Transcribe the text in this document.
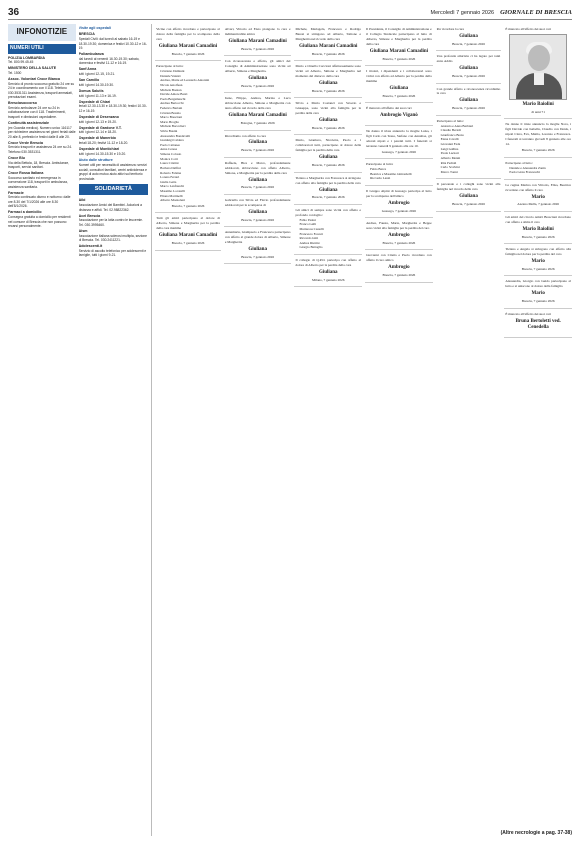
36	Mercoledì 7 gennaio 2026 GIORNALE DI BRESCIA
INFONOTIZIE
NUMERI UTILI
POLIZIA LOMBARDIA

Tel. 800.99.45.45

MINISTERO DELLA SALUTE

Tel. 1500

Assoc. Volontari Croce Bianca

Servizio di pronto soccorso gratuito 24 ore su 24 in coordinamento con il 118. Telefono 030.3531311 Assistenza, trasporti ammalati, prenotazioni esami.

Bresciasoccorso

Servizio ambulanze 24 ore su 24 in collaborazione con il 118. Trasferimenti, trasporti e dimissioni ospedaliere.

Continuità assistenziale

(ex Guardia medica). Numero unico 116117 per richiedere assistenza nei giorni feriali dalle 20 alle 8, prefestivi e festivi dalle 8 alle 20.

Croce Verde Brescia

Servizio trasporti e assistenza 24 ore su 24. Telefono 030.3531311.

Croce Blu

Via della Bettola, 18, Brescia. Ambulanze, trasporti, servizi sanitari.

Croce Rossa Italiana

Soccorso sanitario ed emergenza in convenzione 118, trasporti in ambulanza, assistenza sanitaria.

Farmacie

Servizio continuato diurno e notturno: dalle ore 8.30 del 7/1/2026 alle ore 8.30 dell'8/1/2026.

Farmaci a domicilio

Consegna gratuita a domicilio per residenti nel comune di Brescia che non possono recarsi personalmente.

Visite agli ospedali
BRESCIA

Spedali Civili: dal lunedì al sabato 16-19 e 18.30-19.30; domenica e festivi 10.30-12 e 16-19.

Poliambulanza

dal lunedì al venerdì 16.30-19.30; sabato, domenica e festivi 11-12 e 16-19.

Sant'Anna

tutti i giorni 12-15, 19-21.

San Camillo

tutti i giorni 14.30-19.30.

Domus Salutis

tutti i giorni 11-13 e 16-19.

Ospedale di Chiari

feriali 12.30-13.30 e 18.30-19.30; festivi 10.30-12 e 16-19.

Ospedale di Desenzano

tutti i giorni 12-13 e 19-20.

Ospedale di Gardone V.T.

tutti i giorni 12-14 e 18-20.

Ospedale di Manerbio

feriali 18-20; festivi 11-12 e 18-20.

Ospedale di Montichiari

tutti i giorni 14.30-15.30 e 19-20.

Aiuto dalle strutture

Numeri utili per necessità di assistenza: servizi sociali, consultori familiari, centri antiviolenza e gruppi di auto mutuo aiuto attivi sul territorio provinciale.

SOLIDARIETÀ
Aibi

Associazione Amici dei Bambini. Adozioni a distanza e affidi. Tel. 02.98822362.

Acel Brescia

Associazione per la lotta contro le leucemie. Tel. 030.3995460.

Aism

Associazione italiana sclerosi multipla, sezione di Brescia. Tel. 030.2411221.

Adolescenti.it

Servizio di ascolto telefonico per adolescenti e famiglie, tutti i giorni 9-21.

Vicine con affetto ricordano e partecipano al dolore della famiglia per la scomparsa della cara
Giuliana Marani Camadini
Brescia, 7 gennaio 2026
Partecipano al lutto:
Cristiano Damiani
Daniele Valenti
Andrea, Marie ed Leonardo Antonini
Nicola Astolfean
Michela Bazzan
Davide Amore Barzi
Paola Bergamaschi
Andrea Bertocchi
Federico Bertani
Cristian Bonzio
Marco Bresciani
Mario Broglio
Michele Buccolieri
Silvia Busini
Alessandra Bondavalli
Gianluigi Caldera
Paolo Cattaneo
Anna Ceresa
Simone Colosio
Monica Corti
Laura Cristini
Barbara Dalfini
Roberto Falsina
Lorena Ferrari
Giulia Gatta
Marco Lanfranchi
Massimo Locatelli
Eliana Martinelli
Alberto Mazzoleni
Brescia, 7 gennaio 2026
Tutti gli amici partecipano al dolore di Alberto, Simone e Margherita per la perdita della cara mamma
Giuliana Marani Camadini
Brescia, 7 gennaio 2026
Alvari, Vittorio ed Enzo piangono la cara e indimenticabile amica
Giuliana Marani Camadini
Brescia, 7 gennaio 2026
Con riconoscenza e affetto, gli amici del Consiglio di Amministrazione sono vicini ad Alberto, Simone e Margherita.
Giuliana
Brescia, 7 gennaio 2026
Irene, Filippo, Andrea, Marina e Luca abbracciano Alberto, Simone e Margherita con tanto affetto nel ricordo della cara
Giuliana Marani Camadini
Bologna, 7 gennaio 2026
Ricordiamo con affetto la cara
Giuliana
Brescia, 7 gennaio 2026
Raffaele, Bice e Marco, profondamente addolorati, abbracciano con affetto Alberto, Simone, e Margherita per la perdita della cara
Giuliana
Brescia, 7 gennaio 2026
Gabriella con Silvia ed Flavio profondamente addolorati per la scomparsa di
Giuliana
Brescia, 7 gennaio 2026
Annamaria, Giampaolo e Francesca partecipano con affetto al grande dolore di Alberto, Simone e Margherita
Giuliana
Brescia, 7 gennaio 2026
Michele, Mariagela, Francesco e Rodrigo Baresi si stringono ad Alberto, Simone e Margherita nel ricordo della cara
Giuliana Marani Camadini
Brescia, 7 gennaio 2026
Mario e Ornella Cuccioni affettuosamente sono vicini ad Alberto, Simone e Margherita nel momento del distacco dalla cara
Giuliana
Brescia, 7 gennaio 2026
Silvio e Maria Costanzi con Saverio e Giuseppe, sono vicini alla famiglia per la perdita della cara
Giuliana
Brescia, 7 gennaio 2026
Mario, Gianluca, Nicoletta, Paolo e i collaboratori tutti, partecipano al dolore della famiglia per la perdita della cara
Giuliana
Brescia, 7 gennaio 2026
Tiziano e Margherita con Francesca si stringono con affetto alla famiglia per la perdita della cara
Giuliana
Brescia, 7 gennaio 2026
Gli amici di sempre sono vicini con affetto e profondo cordoglio:
Fabio Pasini
Franco Galli
Mariarosa Castelli
Francesco Foresti
Riccardo Gitti
Andrea Rizzini
Giorgio Battaglio
Il collegio di Q.P.O. partecipa con affetto al dolore di Alberto per la perdita della cara
Giuliana
Milano, 7 gennaio 2026
Il Presidente, il Consiglio di Amministrazione e il Collegio Sindacale partecipano al lutto di Alberto, Simone e Margherita per la perdita della cara
Giuliana Marani Camadini
Brescia, 7 gennaio 2026
I titolari, i dipendenti e i collaboratori sono vicini con affetto ad Alberto per la perdita della mamma
Giuliana
Brescia, 7 gennaio 2026
È mancato all'affetto dei suoi cari
Ambrogio Viganò
Ne danno il triste annuncio la moglie Luisa, i figli Carlo con Tessa, Stefano con Annalisa, gli adorati nipoti e i parenti tutti. I funerali si terranno venerdì 9 gennaio alle ore 10.
Gussago, 7 gennaio 2026
Partecipano al lutto:
Fabio Barca
Beatrice e Massimo Ghirardelli
Riccardo Lanzi
Il Gruppo Alpini di Gussago partecipa al lutto per la scomparsa dell'amico
Ambrogio
Gussago, 7 gennaio 2026
Andrea, Fausta, Marta, Margherita e Beppe sono vicini alla famiglia per la perdita del caro
Ambrogio
Brescia, 7 gennaio 2026
Giovanni con Cinzia e Paolo ricordano con affetto il caro amico
Ambrogio
Brescia, 7 gennaio 2026
Per ricordare la cara
Giuliana
Brescia, 7 gennaio 2026
Una profonda amicizia ci ha legato per tanti anni. Addio
Giuliana
Brescia, 7 gennaio 2026
Con grande affetto e riconoscenza ricordiamo la cara
Giuliana
Brescia, 7 gennaio 2026
Partecipano al lutto:
Antonio e Anna Barbieri
Claudio Bertoli
Gianfranco Bosio
Elena Cavalli
Giovanni Fada
Luigi Gallina
Paola Lazzari
Alberto Menni
Rita Pedrali
Carlo Scalvini
Marco Tonni
Il personale e i colleghi sono vicini alla famiglia nel ricordo della cara
Giuliana
Brescia, 7 gennaio 2026
È mancato all'affetto dei suoi cari
Mario Baiolini
di anni 71
Ne danno il triste annuncio la moglie Nora, i figli Davide con Isabella, Claudio con Denis, i nipoti Clara, Eva, Mattia, Lorenzo e Francesca. I funerali si terranno giovedì 8 gennaio alle ore 14.
Brescia, 7 gennaio 2026
Partecipano al lutto:
Daniele e Alessandra Zanin
Paola Gioia Franceschi
La cugina Marina con Vittorio, Elisa, Beatrice ricordano con affetto il caro
Mario
Azzano Mella, 7 gennaio 2026
Gli amici del circolo Amici Bresciani ricordano con affetto e stima il caro
Mario Baiolini
Brescia, 7 gennaio 2026
Tiziano e Angela si stringono con affetto alla famiglia nel dolore per la perdita del caro
Mario
Brescia, 7 gennaio 2026
Alessandra, Giorgio con Guido partecipano al lutto e si uniscono al dolore della famiglia
Mario
Brescia, 7 gennaio 2026
È mancato all'affetto dei suoi cari
Bruna Bertoletti ved. Cenedella
(Altre necrologie a pag. 37-38)
